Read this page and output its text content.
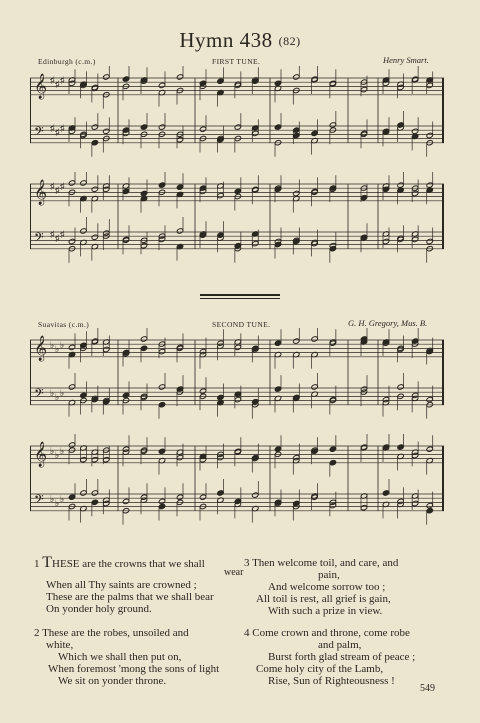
Hymn 438 (82)
Edinburgh (c.m.)	FIRST TUNE.	Henry Smart.
𝄞 ♯ ♯ ♯
𝄢 ♯ ♯ ♯
𝄞 ♯ ♯ ♯
𝄢 ♯ ♯ ♯
Suavitas (c.m.)	SECOND TUNE.	G. H. Gregory, Mus. B.
𝄞 ♭ ♭ ♭
𝄢 ♭ ♭ ♭
𝄞 ♭ ♭ ♭
𝄢 ♭ ♭ ♭
1 THESE are the crowns that we shall
wear
When all Thy saints are crowned ;
These are the palms that we shall bear
On yonder holy ground.
2 These are the robes, unsoiled and
white,
Which we shall then put on,
When foremost 'mong the sons of light
We sit on yonder throne.
3 Then welcome toil, and care, and
pain,
And welcome sorrow too ;
All toil is rest, all grief is gain,
With such a prize in view.
4 Come crown and throne, come robe
and palm,
Burst forth glad stream of peace ;
Come holy city of the Lamb,
Rise, Sun of Righteousness !
549
